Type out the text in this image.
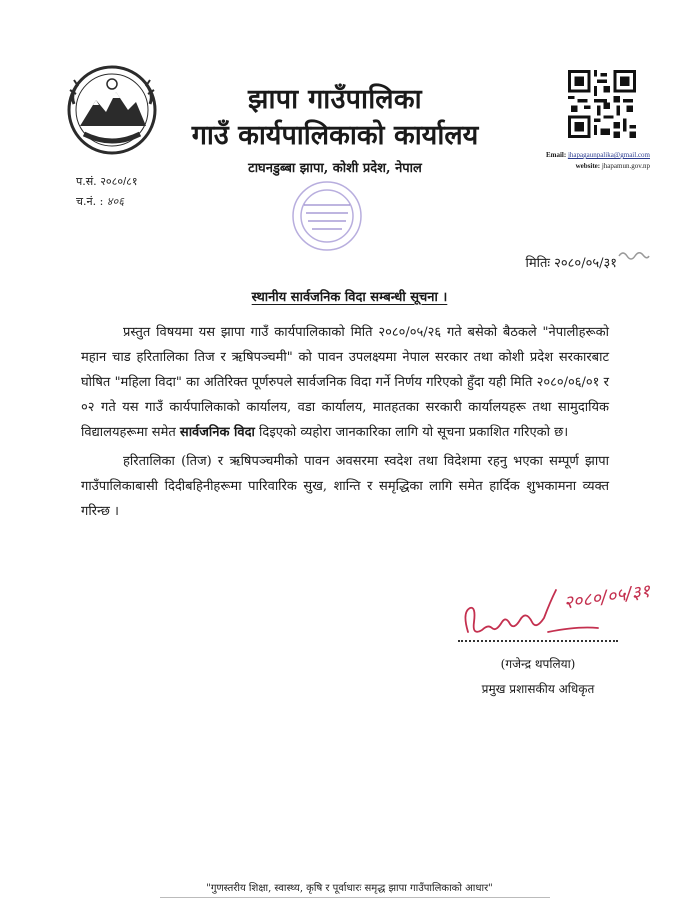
झापा गाउँपालिका
गाउँ कार्यपालिकाको कार्यालय
टाघनडुब्बा झापा, कोशी प्रदेश, नेपाल
Email: jhapagaunpalika@gmail.com
website: jhapamun.gov.np
प.सं. २०८०/८१
च.नं. : ४०६
मितिः २०८०/०५/३१
स्थानीय सार्वजनिक विदा सम्बन्धी सूचना ।

प्रस्तुत विषयमा यस झापा गाउँ कार्यपालिकाको मिति २०८०/०५/२६ गते बसेको बैठकले "नेपालीहरूको महान चाड हरितालिका तिज र ऋषिपञ्चमी" को पावन उपलक्ष्यमा नेपाल सरकार तथा कोशी प्रदेश सरकारबाट घोषित "महिला विदा" का अतिरिक्त पूर्णरुपले सार्वजनिक विदा गर्ने निर्णय गरिएको हुँदा यही मिति २०८०/०६/०१ र ०२ गते यस गाउँ कार्यपालिकाको कार्यालय, वडा कार्यालय, मातहतका सरकारी कार्यालयहरू तथा सामुदायिक विद्यालयहरूमा समेत सार्वजनिक विदा दिइएको व्यहोरा जानकारिका लागि यो सूचना प्रकाशित गरिएको छ।

हरितालिका (तिज) र ऋषिपञ्चमीको पावन अवसरमा स्वदेश तथा विदेशमा रहनु भएका सम्पूर्ण झापा गाउँपालिकाबासी दिदीबहिनीहरूमा पारिवारिक सुख, शान्ति र समृद्धिका लागि समेत हार्दिक शुभकामना व्यक्त गरिन्छ ।

२०८०/०५/३१
(गजेन्द्र थपलिया)
प्रमुख प्रशासकीय अधिकृत
"गुणस्तरीय शिक्षा, स्वास्थ्य, कृषि र पूर्वाधारः समृद्ध झापा गाउँपालिकाको आधार"
